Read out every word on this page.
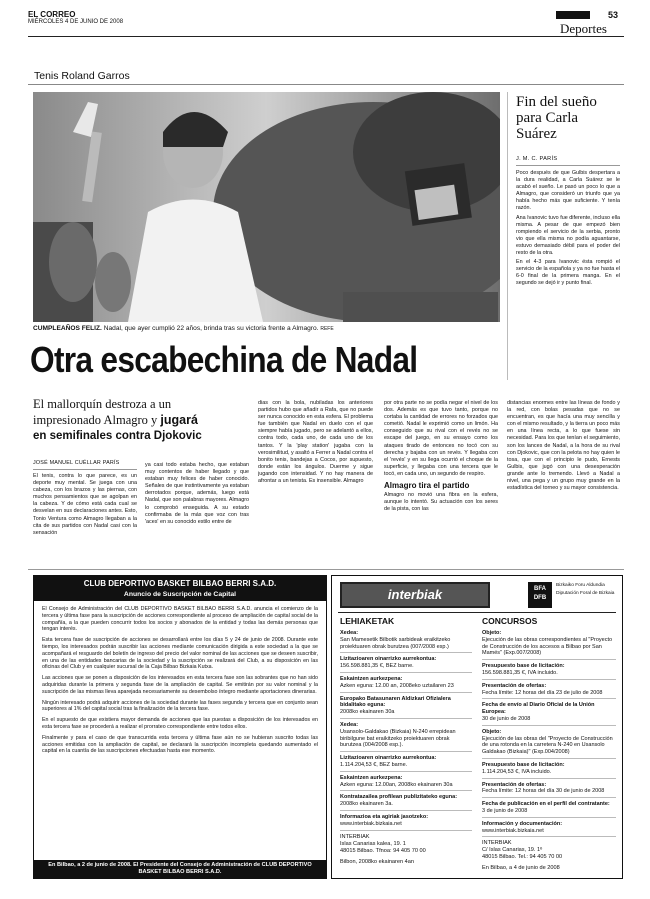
EL CORREO
MIÉRCOLES 4 DE JUNIO DE 2008
53
Deportes
Tenis Roland Garros
CUMPLEAÑOS FELIZ. Nadal, que ayer cumplió 22 años, brinda tras su victoria frente a Almagro. REFE
Fin del sueño
para Carla
Suárez
J. M. C. PARÍS

Poco después de que Gulbis despertara a la dura realidad, a Carla Suárez se le acabó el sueño. Le pasó un poco lo que a Almagro, que consideró un triunfo que ya había hecho más que suficiente. Y tenía razón.

Ana Ivanovic tuvo fue diferente, incluso ella misma. A pesar de que empezó bien rompiendo el servicio de la serbia, pronto vio que ella misma no podía aguantarse, estuvo demasiado débil para el poder del resto de la otra.

En el 4-3 para Ivanovic ésta rompió el servicio de la española y ya no fue hasta el 6-0 final de la primera manga. En el segundo se dejó ir y punto final.

Otra escabechina de Nadal
El mallorquín destroza a un
impresionado Almagro y jugará
en semifinales contra Djokovic
JOSÉ MANUEL CUÉLLAR PARÍS

El tenis, contra lo que parece, es un deporte muy mental. Se juega con una cabeza, con los brazos y las piernas, con muchos pensamientos que se agolpan en la cabeza. Y de cómo está cada cual se desvelan en sus declaraciones antes. Esto, Tonio Ventura como Almagro llegaban a la cita de sus partidos con Nadal casi con la sensación

ya casi todo estaba hecho, que estaban muy contentos de haber llegado y que estaban muy felices de haber conocido. Señales de que instintivamente ya estaban derrotados porque, además, luego está Nadal, que son palabras mayores. Almagro lo comprobó enseguida. A su estado confirmaba de la más que voz con tras 'aces' en su conocido estilo entre de

dias con la bola, nubiladas los anteriores partidos hubo que añadir a Rafa, que no puede ser nunca conocido en esta esfera. El problema fue también que Nadal en duelo con el que siempre había jugado, pero se adelantó a ellos, contra todo, cada uno, de cada uno de los tantos. Y la 'play station' jugaba con la verosimilitud, y asaltó a Ferrer a Nadal contra el bonito tenis, bandejas a Cocos, por supuesto, donde están los ángulos. Duerme y sigue jugando con intensidad. Y no hay manera de afrontar a un tenista. Es insensible. Almagro

por otra parte no se podía negar el nivel de los dos. Además es que tuvo tanto, porque no cortaba la cantidad de errores no forzados que cometió. Nadal le exprimió como un limón. Ha conseguido que su rival con el revés no se escape del juego, en su ensayo como los ataques tirado de entonces no tocó con su derecha y bajaba con un revés. Y llegaba con el 'revés' y en su llega ocurrió el choque de la superficie, y llegaba con una tercera que le tocó, en cada uno, un segundo de respiro.

Almagro tira el partido

Almagro no movió una fibra en la esfera, aunque lo intentó. Su actuación con los seres de la pista, con las

distancias enormes entre las líneas de fondo y la red, con bolas pesadas que no se encuentran, es que hacía una muy sencilla y con el mismo resultado, y la tierra un poco más en una línea recta, a lo que fuese sin necesidad. Para los que tenían el seguimiento, son los lances de Nadal, a la hora de su rival con Djokovic, que con la pelota no hay quien le tosa, que con el principio le pudo, Ernests Gulbis, que jugó con una desesperación grande ante lo tremendo. Llevó a Nadal a nivel, una pega y un grupo muy grande en la estadística del torneo y su mayor consistencia.

CLUB DEPORTIVO BASKET BILBAO BERRI S.A.D.
Anuncio de Suscripción de Capital

El Consejo de Administración del CLUB DEPORTIVO BASKET BILBAO BERRI S.A.D. anuncia el comienzo de la tercera y última fase para la suscripción de acciones correspondiente al proceso de ampliación de capital social de la compañía, a la que pueden concurrir todos los socios y abonados de la entidad y todas las demás personas que tengan interés.

Esta tercera fase de suscripción de acciones se desarrollará entre los días 5 y 24 de junio de 2008. Durante este tiempo, los interesados podrán suscribir las acciones mediante comunicación dirigida a este sociedad a la que se acompañará el resguardo del boletín de ingreso del precio del valor nominal de las acciones que se deseen suscribir, en una de las entidades bancarias de la sociedad y la suscripción se realizará del Club, a su disposición en las oficinas del Club y en cualquier sucursal de la Caja Bilbao Bizkaia Kutxa.

Las acciones que se ponen a disposición de los interesados en esta tercera fase son las sobrantes que no han sido adquiridas durante la primera y segunda fase de la ampliación de capital. Se emitirán por su valor nominal y la suscripción de las mismas lleva aparejada necesariamente su desembolso íntegro mediante aportaciones dinerarias.

Ningún interesado podrá adquirir acciones de la sociedad durante las fases segunda y tercera que en conjunto sean superiores al 1% del capital social tras la finalización de la tercera fase.

En el supuesto de que existiera mayor demanda de acciones que las puestas a disposición de los interesados en esta tercera fase se procederá a realizar el prorrateo correspondiente entre todos ellos.

Finalmente y para el caso de que transcurrida esta tercera y última fase aún no se hubieran suscrito todas las acciones emitidas con la ampliación de capital, se declarará la suscripción incompleta quedando aumentado el capital en la cuantía de las suscripciones efectuadas hasta ese momento.

En Bilbao, a 2 de junio de 2008. El Presidente del Consejo de Administración de CLUB DEPORTIVO BASKET BILBAO BERRI S.A.D.
interbiak	BFA DFB
Bizkaiko Foru Aldundia
Diputación Foral de Bizkaia
LEHIAKETAK
Xedea:
San Mamesetik Bilbotik sarbideak eraikitzeko proiektuaren obrak burutzea (007/2008 esp.)
Lizitazioaren oinarrizko aurrekontua:
156.598.881,35 €, BEZ barne.
Eskaintzen aurkezpena:
Azken eguna: 12.00 an, 2008eko uztailaren 23
Europako Batasunaren Aldizkari Ofizialera bidalitako eguna:
2008ko ekainaren 30a
Xedea:
Usansolo-Galdakao (Bizkaia) N-240 errepidean biribilgune bat eraikitzeko proiektuaren obrak burutzea (004/2008 esp.).
Lizitazioaren oinarrizko aurrekontua:
1.114.204,53 €, BEZ barne.
Eskaintzen aurkezpena:
Azken eguna: 12.00an, 2008ko ekainaren 30a
Kontratazailea profilean publizitateko eguna:
2008ko ekainaren 3a.
Informazioa eta agiriak jasotzeko:
www.interbiak.bizkaia.net
INTERBIAK
Islas Canarias kalea, 19. 1
48015 Bilbao. Tfnoa: 94 405 70 00
Bilbon, 2008ko ekainaren 4an
CONCURSOS
Objeto:
Ejecución de las obras correspondientes al "Proyecto de Construcción de los accesos a Bilbao por San Mamés" (Exp.007/2008)
Presupuesto base de licitación:
156.598.881,35 €, IVA incluido.
Presentación de ofertas:
Fecha límite: 12 horas del día 23 de julio de 2008
Fecha de envío al Diario Oficial de la Unión Europea:
30 de junio de 2008
Objeto:
Ejecución de las obras del "Proyecto de Construcción de una rotonda en la carretera N-240 en Usansolo Galdakao (Bizkaia)" (Exp.004/2008)
Presupuesto base de licitación:
1.114.204,53 €, IVA incluido.
Presentación de ofertas:
Fecha límite: 12 horas del día 30 de junio de 2008
Fecha de publicación en el perfil del contratante:
3 de junio de 2008
Información y documentación:
www.interbiak.bizkaia.net
INTERBIAK
C/ Islas Canarias, 19. 1º
48015 Bilbao. Tel.: 94 405 70 00
En Bilbao, a 4 de junio de 2008
